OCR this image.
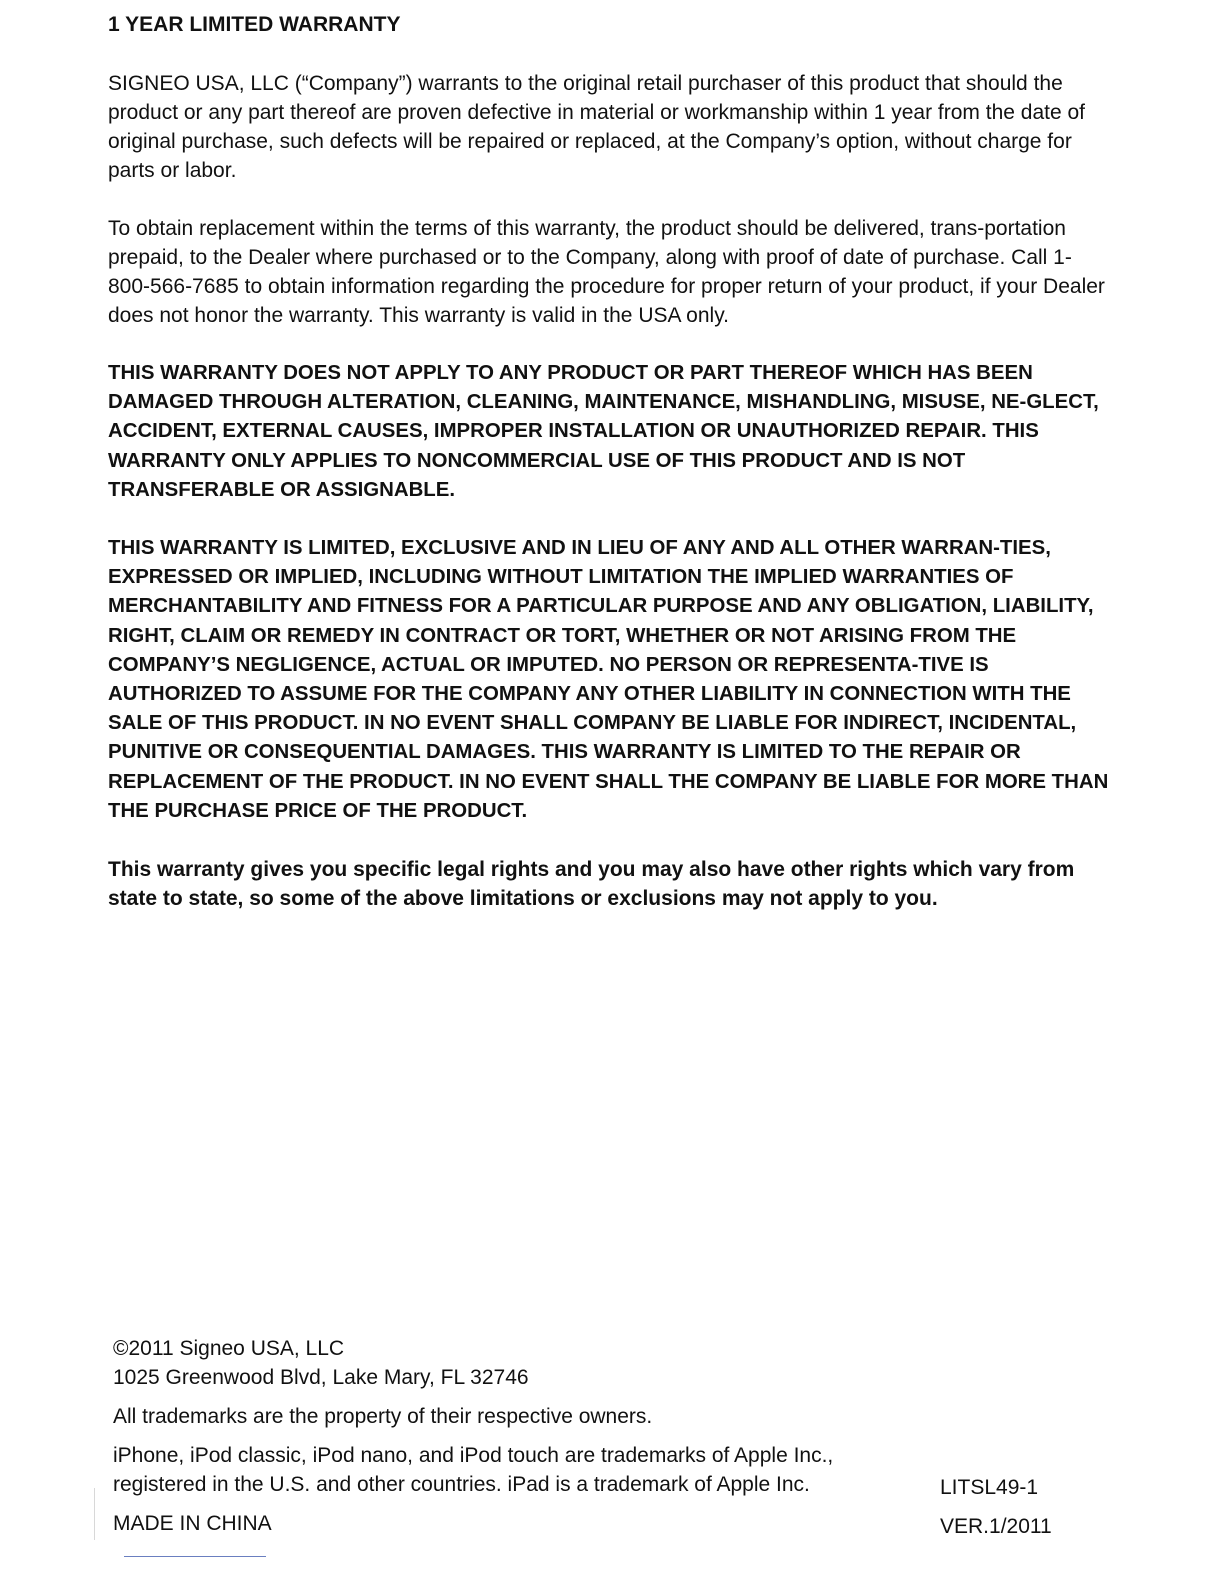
1 YEAR LIMITED WARRANTY

SIGNEO USA, LLC (“Company”) warrants to the original retail purchaser of this product that should the product or any part thereof are proven defective in material or workmanship within 1 year from the date of original purchase, such defects will be repaired or replaced, at the Company’s option, without charge for parts or labor.

To obtain replacement within the terms of this warranty, the product should be delivered, trans-portation prepaid, to the Dealer where purchased or to the Company, along with proof of date of purchase. Call 1-800-566-7685 to obtain information regarding the procedure for proper return of your product, if your Dealer does not honor the warranty. This warranty is valid in the USA only.

THIS WARRANTY DOES NOT APPLY TO ANY PRODUCT OR PART THEREOF WHICH HAS BEEN DAMAGED THROUGH ALTERATION, CLEANING, MAINTENANCE, MISHANDLING, MISUSE, NE-GLECT, ACCIDENT, EXTERNAL CAUSES, IMPROPER INSTALLATION OR UNAUTHORIZED REPAIR. THIS WARRANTY ONLY APPLIES TO NONCOMMERCIAL USE OF THIS PRODUCT AND IS NOT TRANSFERABLE OR ASSIGNABLE.

THIS WARRANTY IS LIMITED, EXCLUSIVE AND IN LIEU OF ANY AND ALL OTHER WARRAN-TIES, EXPRESSED OR IMPLIED, INCLUDING WITHOUT LIMITATION THE IMPLIED WARRANTIES OF MERCHANTABILITY AND FITNESS FOR A PARTICULAR PURPOSE AND ANY OBLIGATION, LIABILITY, RIGHT, CLAIM OR REMEDY IN CONTRACT OR TORT, WHETHER OR NOT ARISING FROM THE COMPANY’S NEGLIGENCE, ACTUAL OR IMPUTED. NO PERSON OR REPRESENTA-TIVE IS AUTHORIZED TO ASSUME FOR THE COMPANY ANY OTHER LIABILITY IN CONNECTION WITH THE SALE OF THIS PRODUCT. IN NO EVENT SHALL COMPANY BE LIABLE FOR INDIRECT, INCIDENTAL, PUNITIVE OR CONSEQUENTIAL DAMAGES. THIS WARRANTY IS LIMITED TO THE REPAIR OR REPLACEMENT OF THE PRODUCT. IN NO EVENT SHALL THE COMPANY BE LIABLE FOR MORE THAN THE PURCHASE PRICE OF THE PRODUCT.

This warranty gives you specific legal rights and you may also have other rights which vary from state to state, so some of the above limitations or exclusions may not apply to you.

©2011 Signeo USA, LLC
1025 Greenwood Blvd, Lake Mary, FL 32746
All trademarks are the property of their respective owners.
iPhone, iPod classic, iPod nano, and iPod touch are trademarks of Apple Inc.,
registered in the U.S. and other countries. iPad is a trademark of Apple Inc.
MADE IN CHINA
LITSL49-1
VER.1/2011
